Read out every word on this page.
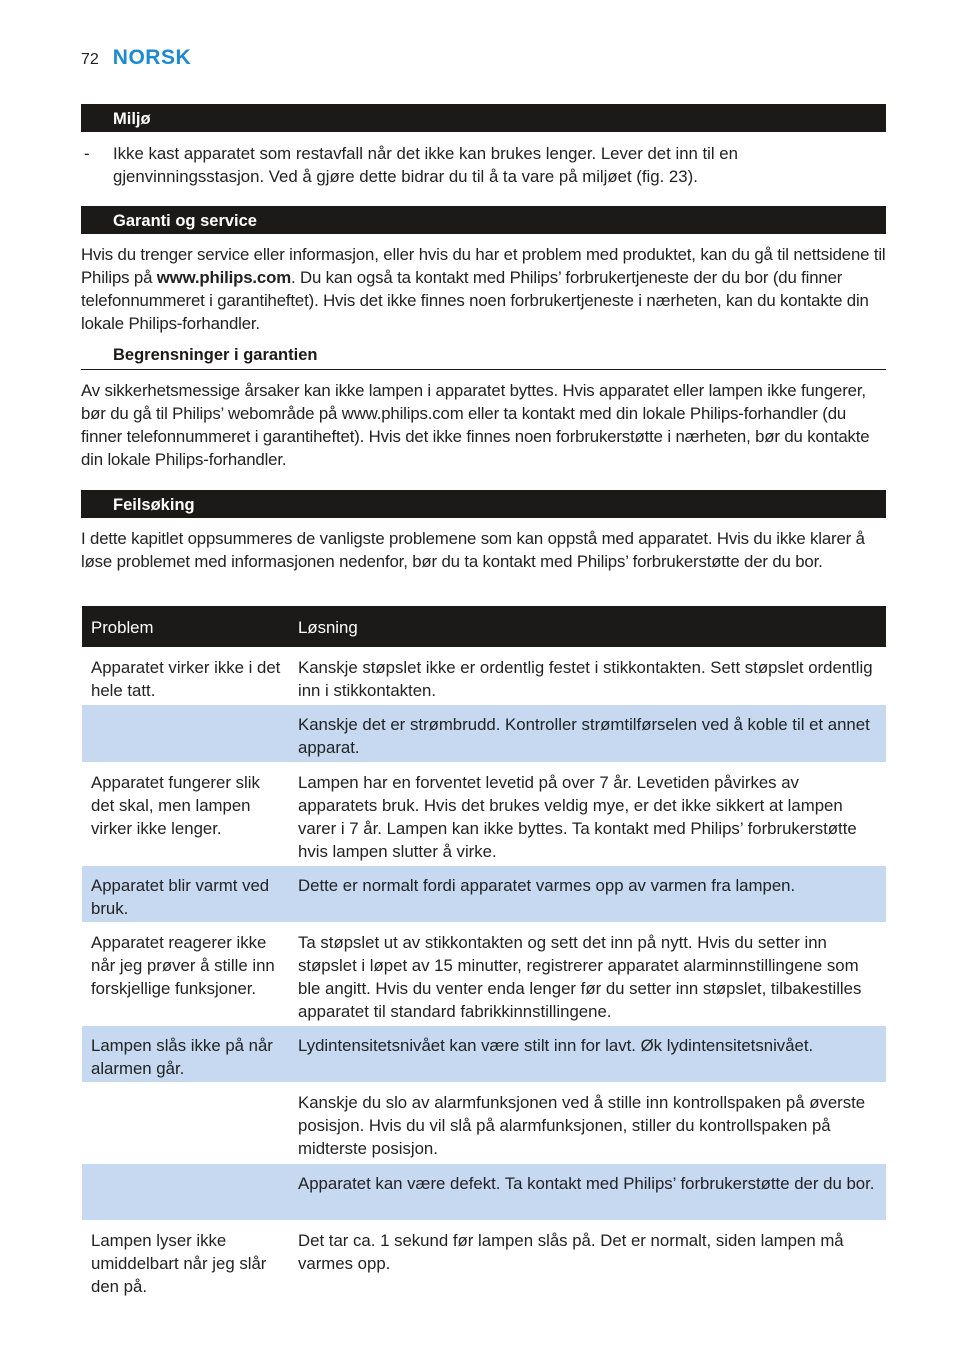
72 NORSK
Miljø
- Ikke kast apparatet som restavfall når det ikke kan brukes lenger. Lever det inn til en gjenvinningsstasjon. Ved å gjøre dette bidrar du til å ta vare på miljøet (fig. 23).
Garanti og service
Hvis du trenger service eller informasjon, eller hvis du har et problem med produktet, kan du gå til nettsidene til Philips på www.philips.com. Du kan også ta kontakt med Philips’ forbrukertjeneste der du bor (du finner telefonnummeret i garantiheftet). Hvis det ikke finnes noen forbrukertjeneste i nærheten, kan du kontakte din lokale Philips-forhandler.
Begrensninger i garantien
Av sikkerhetsmessige årsaker kan ikke lampen i apparatet byttes. Hvis apparatet eller lampen ikke fungerer, bør du gå til Philips’ webområde på www.philips.com eller ta kontakt med din lokale Philips-forhandler (du finner telefonnummeret i garantiheftet). Hvis det ikke finnes noen forbrukerstøtte i nærheten, bør du kontakte din lokale Philips-forhandler.
Feilsøking
I dette kapitlet oppsummeres de vanligste problemene som kan oppstå med apparatet. Hvis du ikke klarer å løse problemet med informasjonen nedenfor, bør du ta kontakt med Philips’ forbrukerstøtte der du bor.
Problem	Løsning
Apparatet virker ikke i det hele tatt.
Kanskje støpslet ikke er ordentlig festet i stikkontakten. Sett støpslet ordentlig inn i stikkontakten.
Kanskje det er strømbrudd. Kontroller strømtilførselen ved å koble til et annet apparat.
Apparatet fungerer slik det skal, men lampen virker ikke lenger.
Lampen har en forventet levetid på over 7 år. Levetiden påvirkes av apparatets bruk. Hvis det brukes veldig mye, er det ikke sikkert at lampen varer i 7 år. Lampen kan ikke byttes. Ta kontakt med Philips’ forbrukerstøtte hvis lampen slutter å virke.
Apparatet blir varmt ved bruk.
Dette er normalt fordi apparatet varmes opp av varmen fra lampen.
Apparatet reagerer ikke når jeg prøver å stille inn forskjellige funksjoner.
Ta støpslet ut av stikkontakten og sett det inn på nytt. Hvis du setter inn støpslet i løpet av 15 minutter, registrerer apparatet alarminnstillingene som ble angitt. Hvis du venter enda lenger før du setter inn støpslet, tilbakestilles apparatet til standard fabrikkinnstillingene.
Lampen slås ikke på når alarmen går.
Lydintensitetsnivået kan være stilt inn for lavt. Øk lydintensitetsnivået.
Kanskje du slo av alarmfunksjonen ved å stille inn kontrollspaken på øverste posisjon. Hvis du vil slå på alarmfunksjonen, stiller du kontrollspaken på midterste posisjon.
Apparatet kan være defekt. Ta kontakt med Philips’ forbrukerstøtte der du bor.
Lampen lyser ikke umiddelbart når jeg slår den på.
Det tar ca. 1 sekund før lampen slås på. Det er normalt, siden lampen må varmes opp.
